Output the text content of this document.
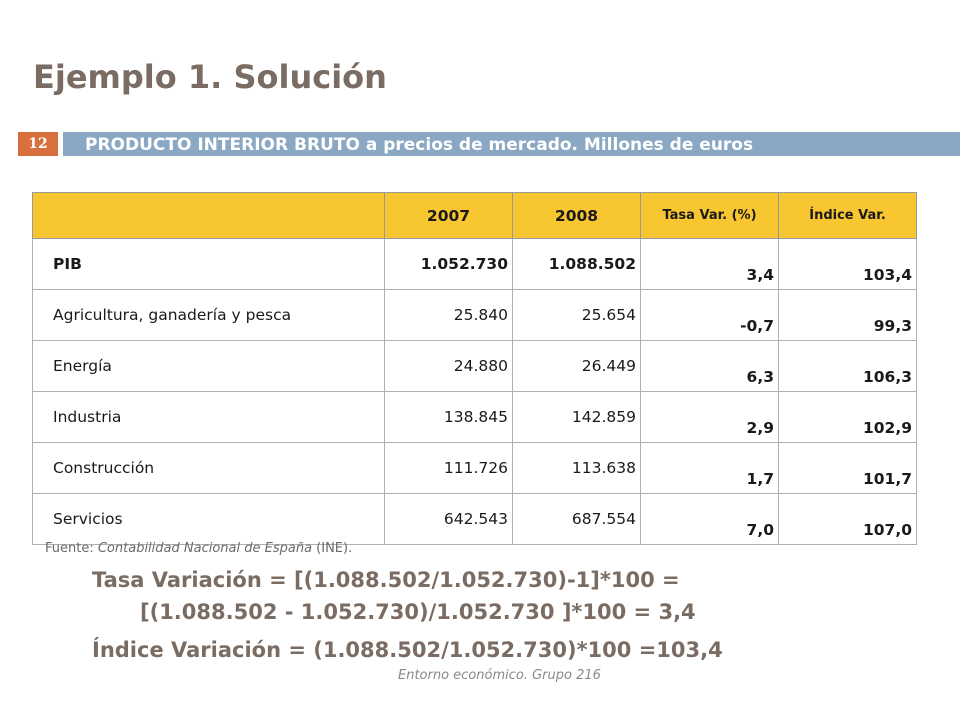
Ejemplo 1. Solución
12	PRODUCTO INTERIOR BRUTO a precios de mercado. Millones de euros
	2007	2008	Tasa Var. (%)	Índice Var.
PIB	1.052.730	1.088.502	3,4	103,4
Agricultura, ganadería y pesca	25.840	25.654	-0,7	99,3
Energía	24.880	26.449	6,3	106,3
Industria	138.845	142.859	2,9	102,9
Construcción	111.726	113.638	1,7	101,7
Servicios	642.543	687.554	7,0	107,0

Fuente: Contabilidad Nacional de España (INE).

Tasa Variación = [(1.088.502/1.052.730)-1]*100 =

[(1.088.502 - 1.052.730)/1.052.730 ]*100 = 3,4

Índice Variación = (1.088.502/1.052.730)*100 =103,4

Entorno económico. Grupo 216
